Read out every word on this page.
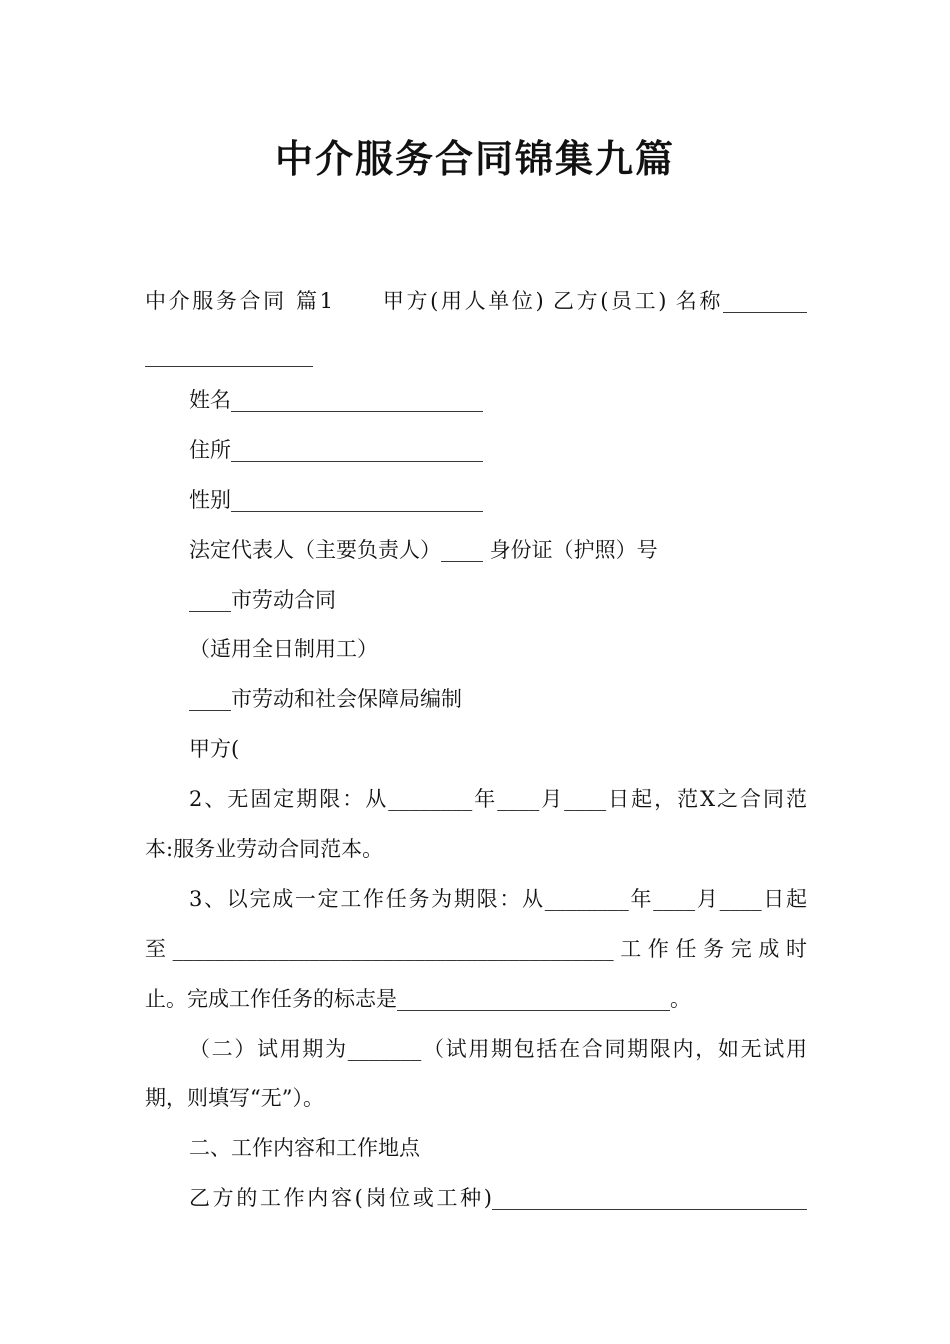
中介服务合同锦集九篇
中介服务合同 篇1　　甲方(用人单位) 乙方(员工) 名称________
________________
姓名________________________
住所________________________
性别________________________
法定代表人（主要负责人）____ 身份证（护照）号
____市劳动合同
（适用全日制用工）
____市劳动和社会保障局编制
甲方(
2、无固定期限：从________年____月____日起，范X之合同范
本:服务业劳动合同范本。
3、以完成一定工作任务为期限：从________年____月____日起
至__________________________________________工作任务完成时
止。完成工作任务的标志是__________________________。
（二）试用期为_______（试用期包括在合同期限内，如无试用
期，则填写“无”）。
二、工作内容和工作地点
乙方的工作内容(岗位或工种)______________________________
